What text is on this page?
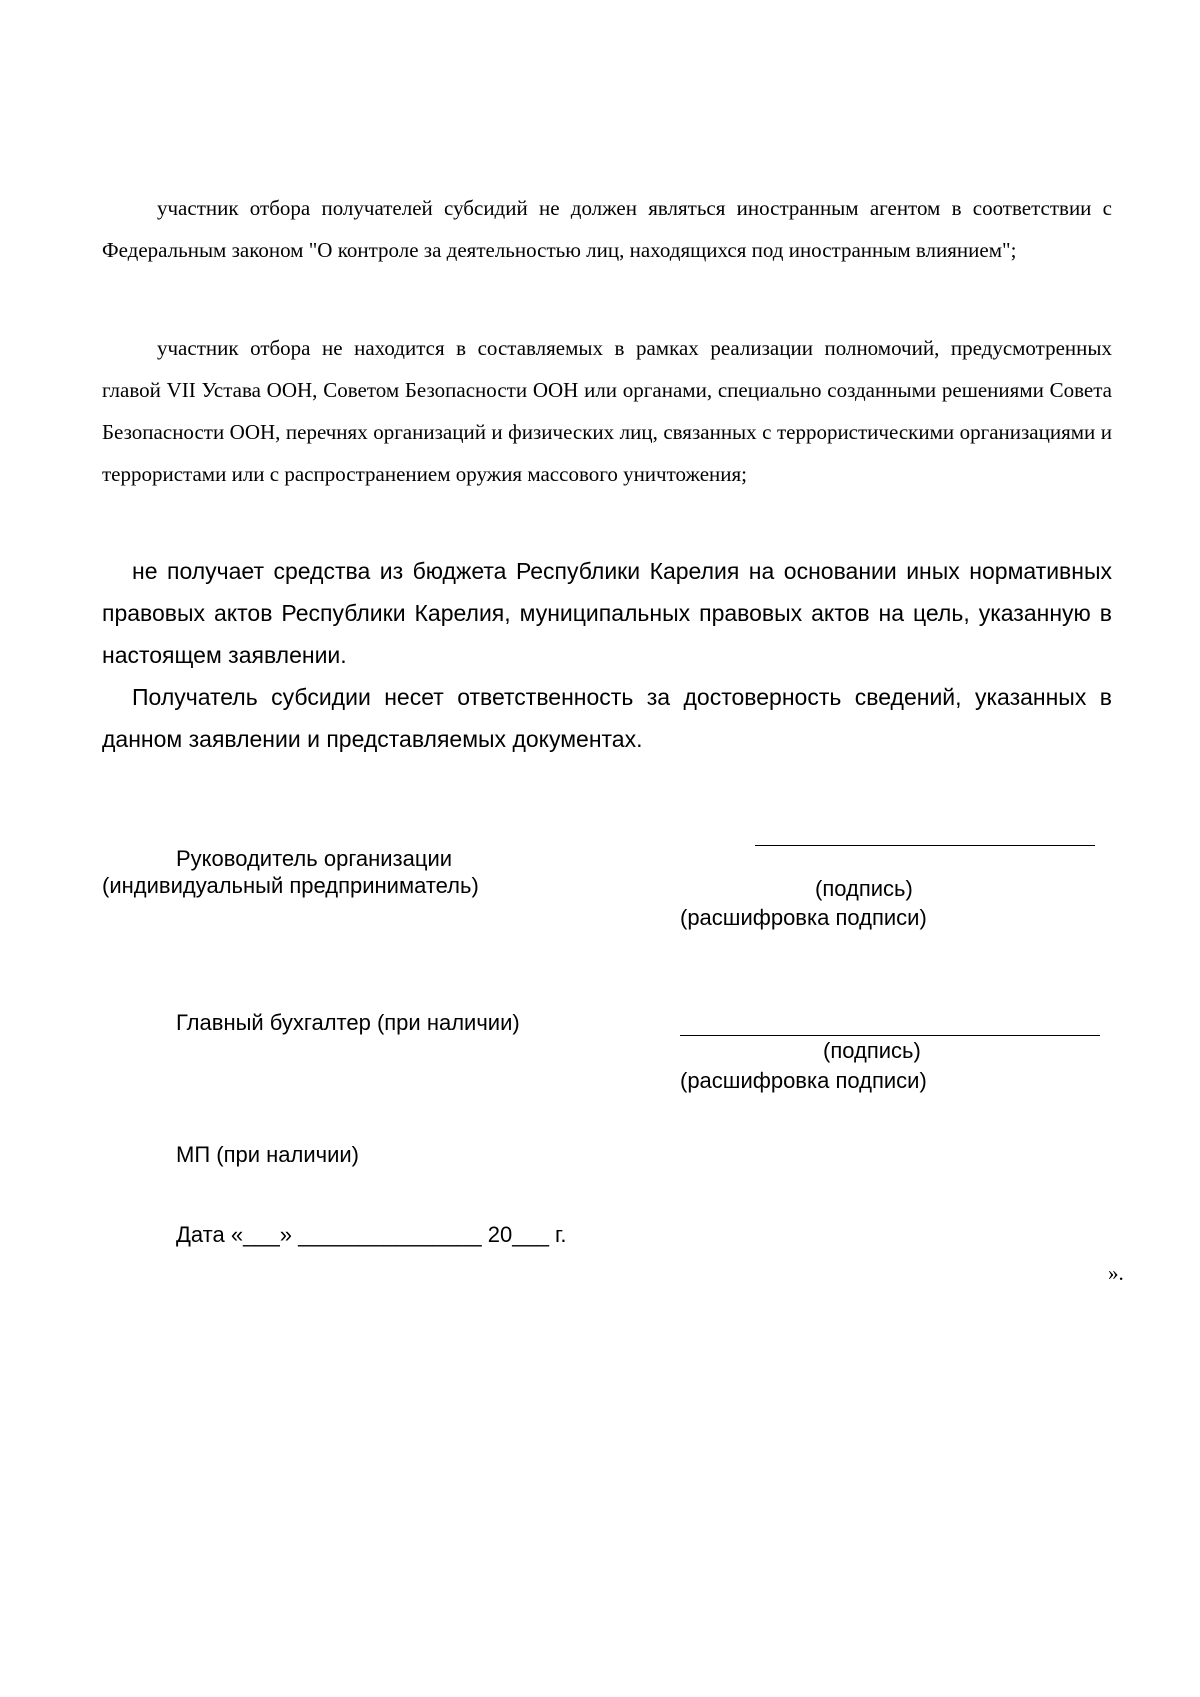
участник отбора получателей субсидий не должен являться иностранным агентом в соответствии с Федеральным законом "О контроле за деятельностью лиц, находящихся под иностранным влиянием";

участник отбора не находится в составляемых в рамках реализации полномочий, предусмотренных главой VII Устава ООН, Советом Безопасности ООН или органами, специально созданными решениями Совета Безопасности ООН, перечнях организаций и физических лиц, связанных с террористическими организациями и террористами или с распространением оружия массового уничтожения;

не получает средства из бюджета Республики Карелия на основании иных нормативных правовых актов Республики Карелия, муниципальных правовых актов на цель, указанную в настоящем заявлении.

Получатель субсидии несет ответственность за достоверность сведений, указанных в данном заявлении и представляемых документах.

Руководитель организации
(индивидуальный предприниматель)	(подпись)
(расшифровка подписи)
Главный бухгалтер (при наличии)
(подпись)
(расшифровка подписи)
МП (при наличии)
Дата «___» _______________ 20___ г.
».
